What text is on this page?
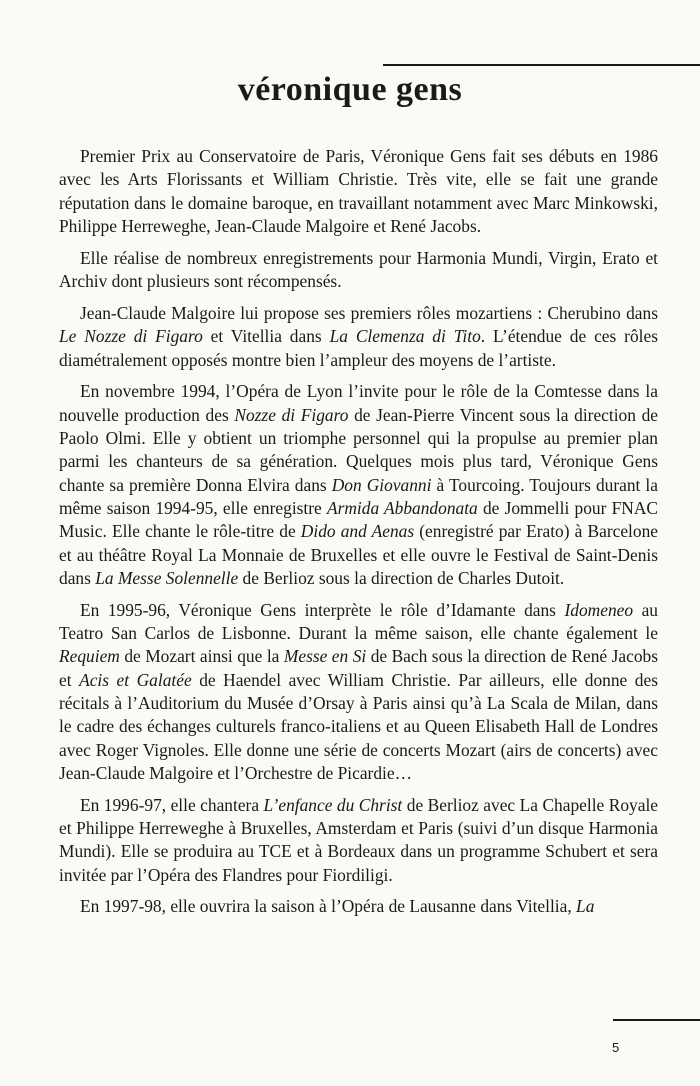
véronique gens

Premier Prix au Conservatoire de Paris, Véronique Gens fait ses débuts en 1986 avec les Arts Florissants et William Christie. Très vite, elle se fait une grande réputation dans le domaine baroque, en travaillant notamment avec Marc Minkowski, Philippe Herreweghe, Jean-Claude Malgoire et René Jacobs.

Elle réalise de nombreux enregistrements pour Harmonia Mundi, Virgin, Erato et Archiv dont plusieurs sont récompensés.

Jean-Claude Malgoire lui propose ses premiers rôles mozartiens : Cherubino dans Le Nozze di Figaro et Vitellia dans La Clemenza di Tito. L’étendue de ces rôles diamétralement opposés montre bien l’ampleur des moyens de l’artiste.

En novembre 1994, l’Opéra de Lyon l’invite pour le rôle de la Comtesse dans la nouvelle production des Nozze di Figaro de Jean-Pierre Vincent sous la direction de Paolo Olmi. Elle y obtient un triomphe personnel qui la propulse au premier plan parmi les chanteurs de sa génération. Quelques mois plus tard, Véronique Gens chante sa première Donna Elvira dans Don Giovanni à Tourcoing. Toujours durant la même saison 1994-95, elle enregistre Armida Abbandonata de Jommelli pour FNAC Music. Elle chante le rôle-titre de Dido and Aenas (enregistré par Erato) à Barcelone et au théâtre Royal La Monnaie de Bruxelles et elle ouvre le Festival de Saint-Denis dans La Messe Solennelle de Berlioz sous la direction de Charles Dutoit.

En 1995-96, Véronique Gens interprète le rôle d’Idamante dans Idomeneo au Teatro San Carlos de Lisbonne. Durant la même saison, elle chante également le Requiem de Mozart ainsi que la Messe en Si de Bach sous la direction de René Jacobs et Acis et Galatée de Haendel avec William Christie. Par ailleurs, elle donne des récitals à l’Auditorium du Musée d’Orsay à Paris ainsi qu’à La Scala de Milan, dans le cadre des échanges culturels franco-italiens et au Queen Elisabeth Hall de Londres avec Roger Vignoles. Elle donne une série de concerts Mozart (airs de concerts) avec Jean-Claude Malgoire et l’Orchestre de Picardie…

En 1996-97, elle chantera L’enfance du Christ de Berlioz avec La Chapelle Royale et Philippe Herreweghe à Bruxelles, Amsterdam et Paris (suivi d’un disque Harmonia Mundi). Elle se produira au TCE et à Bordeaux dans un programme Schubert et sera invitée par l’Opéra des Flandres pour Fiordiligi.

En 1997-98, elle ouvrira la saison à l’Opéra de Lausanne dans Vitellia, La

5
